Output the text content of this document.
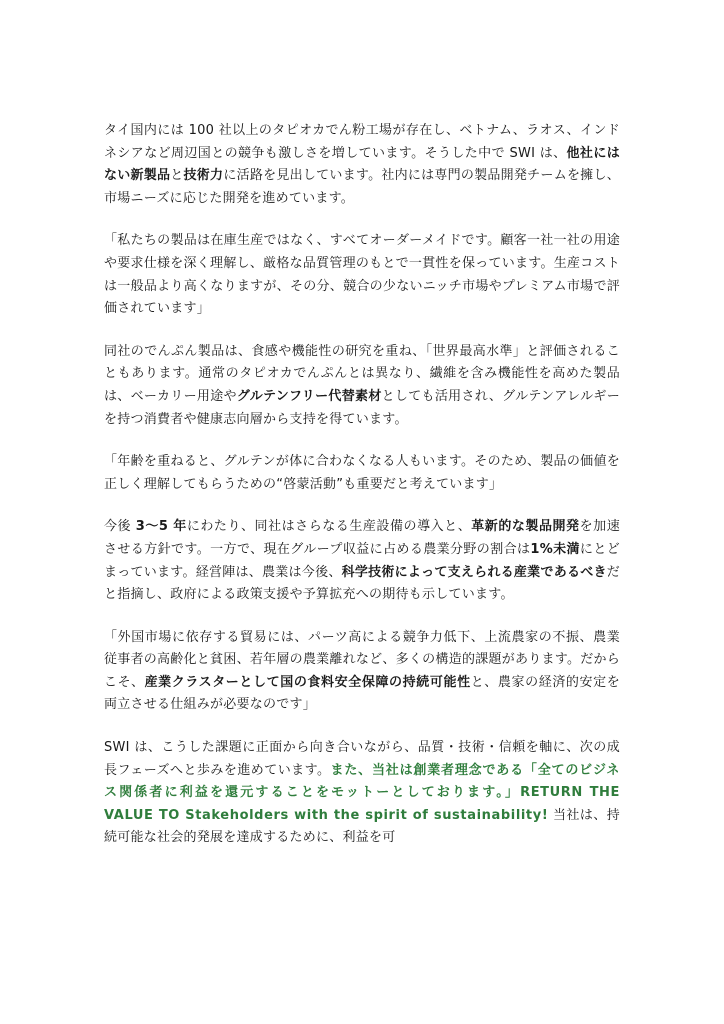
タイ国内には 100 社以上のタピオカでん粉工場が存在し、ベトナム、ラオス、インドネシアなど周辺国との競争も激しさを増しています。そうした中で SWI は、他社にはない新製品と技術力に活路を見出しています。社内には専門の製品開発チームを擁し、市場ニーズに応じた開発を進めています。

「私たちの製品は在庫生産ではなく、すべてオーダーメイドです。顧客一社一社の用途や要求仕様を深く理解し、厳格な品質管理のもとで一貫性を保っています。生産コストは一般品より高くなりますが、その分、競合の少ないニッチ市場やプレミアム市場で評価されています」

同社のでんぷん製品は、食感や機能性の研究を重ね、「世界最高水準」と評価されることもあります。通常のタピオカでんぷんとは異なり、繊維を含み機能性を高めた製品は、ベーカリー用途やグルテンフリー代替素材としても活用され、グルテンアレルギーを持つ消費者や健康志向層から支持を得ています。

「年齢を重ねると、グルテンが体に合わなくなる人もいます。そのため、製品の価値を正しく理解してもらうための“啓蒙活動”も重要だと考えています」

今後 3〜5 年にわたり、同社はさらなる生産設備の導入と、革新的な製品開発を加速させる方針です。一方で、現在グループ収益に占める農業分野の割合は1%未満にとどまっています。経営陣は、農業は今後、科学技術によって支えられる産業であるべきだと指摘し、政府による政策支援や予算拡充への期待も示しています。

「外国市場に依存する貿易には、パーツ高による競争力低下、上流農家の不振、農業従事者の高齢化と貧困、若年層の農業離れなど、多くの構造的課題があります。だからこそ、産業クラスターとして国の食料安全保障の持続可能性と、農家の経済的安定を両立させる仕組みが必要なのです」

SWI は、こうした課題に正面から向き合いながら、品質・技術・信頼を軸に、次の成長フェーズへと歩みを進めています。また、当社は創業者理念である「全てのビジネス関係者に利益を還元することをモットーとしております。」RETURN THE VALUE TO Stakeholders with the spirit of sustainability! 当社は、持続可能な社会的発展を達成するために、利益を可
